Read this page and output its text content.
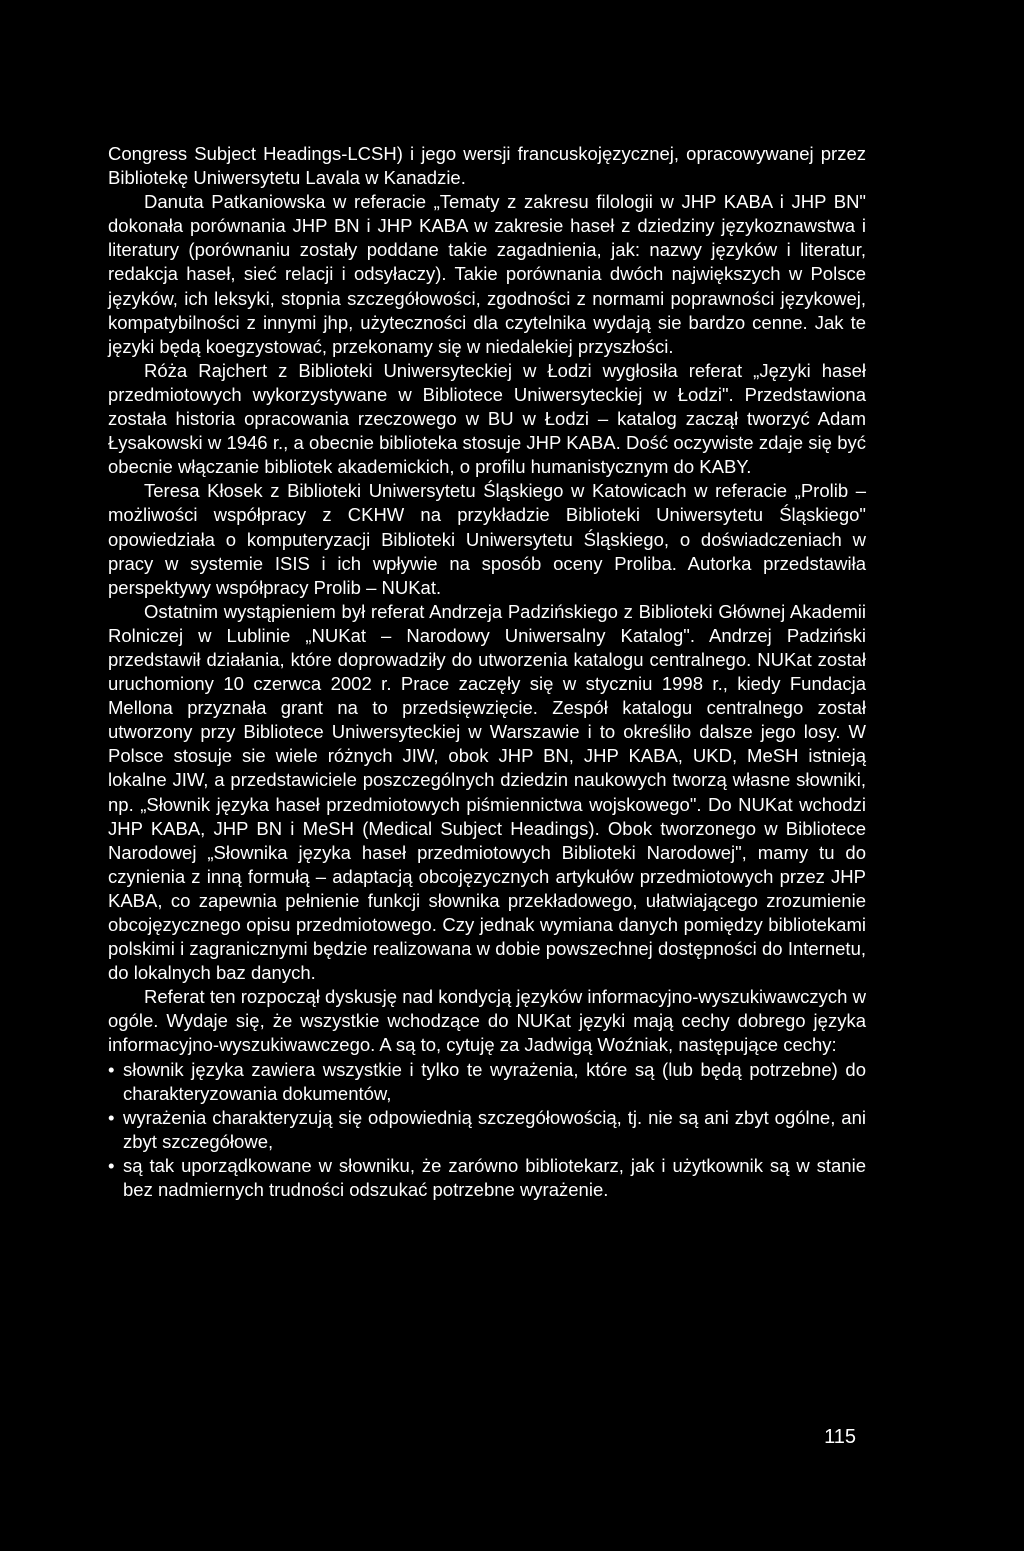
Congress Subject Headings-LCSH) i jego wersji francuskojęzycznej, opracowywanej przez Bibliotekę Uniwersytetu Lavala w Kanadzie.

Danuta Patkaniowska w referacie „Tematy z zakresu filologii w JHP KABA i JHP BN" dokonała porównania JHP BN i JHP KABA w zakresie haseł z dziedziny językoznawstwa i literatury (porównaniu zostały poddane takie zagadnienia, jak: nazwy języków i literatur, redakcja haseł, sieć relacji i odsyłaczy). Takie porównania dwóch największych w Polsce języków, ich leksyki, stopnia szczegółowości, zgodności z normami poprawności językowej, kompatybilności z innymi jhp, użyteczności dla czytelnika wydają sie bardzo cenne. Jak te języki będą koegzystować, przekonamy się w niedalekiej przyszłości.

Róża Rajchert z Biblioteki Uniwersyteckiej w Łodzi wygłosiła referat „Języki haseł przedmiotowych wykorzystywane w Bibliotece Uniwersyteckiej w Łodzi". Przedstawiona została historia opracowania rzeczowego w BU w Łodzi – katalog zaczął tworzyć Adam Łysakowski w 1946 r., a obecnie biblioteka stosuje JHP KABA. Dość oczywiste zdaje się być obecnie włączanie bibliotek akademickich, o profilu humanistycznym do KABY.

Teresa Kłosek z Biblioteki Uniwersytetu Śląskiego w Katowicach w referacie „Prolib – możliwości współpracy z CKHW na przykładzie Biblioteki Uniwersytetu Śląskiego" opowiedziała o komputeryzacji Biblioteki Uniwersytetu Śląskiego, o doświadczeniach w pracy w systemie ISIS i ich wpływie na sposób oceny Proliba. Autorka przedstawiła perspektywy współpracy Prolib – NUKat.

Ostatnim wystąpieniem był referat Andrzeja Padzińskiego z Biblioteki Głównej Akademii Rolniczej w Lublinie „NUKat – Narodowy Uniwersalny Katalog". Andrzej Padziński przedstawił działania, które doprowadziły do utworzenia katalogu centralnego. NUKat został uruchomiony 10 czerwca 2002 r. Prace zaczęły się w styczniu 1998 r., kiedy Fundacja Mellona przyznała grant na to przedsięwzięcie. Zespół katalogu centralnego został utworzony przy Bibliotece Uniwersyteckiej w Warszawie i to określiło dalsze jego losy. W Polsce stosuje sie wiele różnych JIW, obok JHP BN, JHP KABA, UKD, MeSH istnieją lokalne JIW, a przedstawiciele poszczególnych dziedzin naukowych tworzą własne słowniki, np. „Słownik języka haseł przedmiotowych piśmiennictwa wojskowego". Do NUKat wchodzi JHP KABA, JHP BN i MeSH (Medical Subject Headings). Obok tworzonego w Bibliotece Narodowej „Słownika języka haseł przedmiotowych Biblioteki Narodowej", mamy tu do czynienia z inną formułą – adaptacją obcojęzycznych artykułów przedmiotowych przez JHP KABA, co zapewnia pełnienie funkcji słownika przekładowego, ułatwiającego zrozumienie obcojęzycznego opisu przedmiotowego. Czy jednak wymiana danych pomiędzy bibliotekami polskimi i zagranicznymi będzie realizowana w dobie powszechnej dostępności do Internetu, do lokalnych baz danych.

Referat ten rozpoczął dyskusję nad kondycją języków informacyjno-wyszukiwawczych w ogóle. Wydaje się, że wszystkie wchodzące do NUKat języki mają cechy dobrego języka informacyjno-wyszukiwawczego. A są to, cytuję za Jadwigą Woźniak, następujące cechy:

• słownik języka zawiera wszystkie i tylko te wyrażenia, które są (lub będą potrzebne) do charakteryzowania dokumentów,
• wyrażenia charakteryzują się odpowiednią szczegółowością, tj. nie są ani zbyt ogólne, ani zbyt szczegółowe,
• są tak uporządkowane w słowniku, że zarówno bibliotekarz, jak i użytkownik są w stanie bez nadmiernych trudności odszukać potrzebne wyrażenie.
115
